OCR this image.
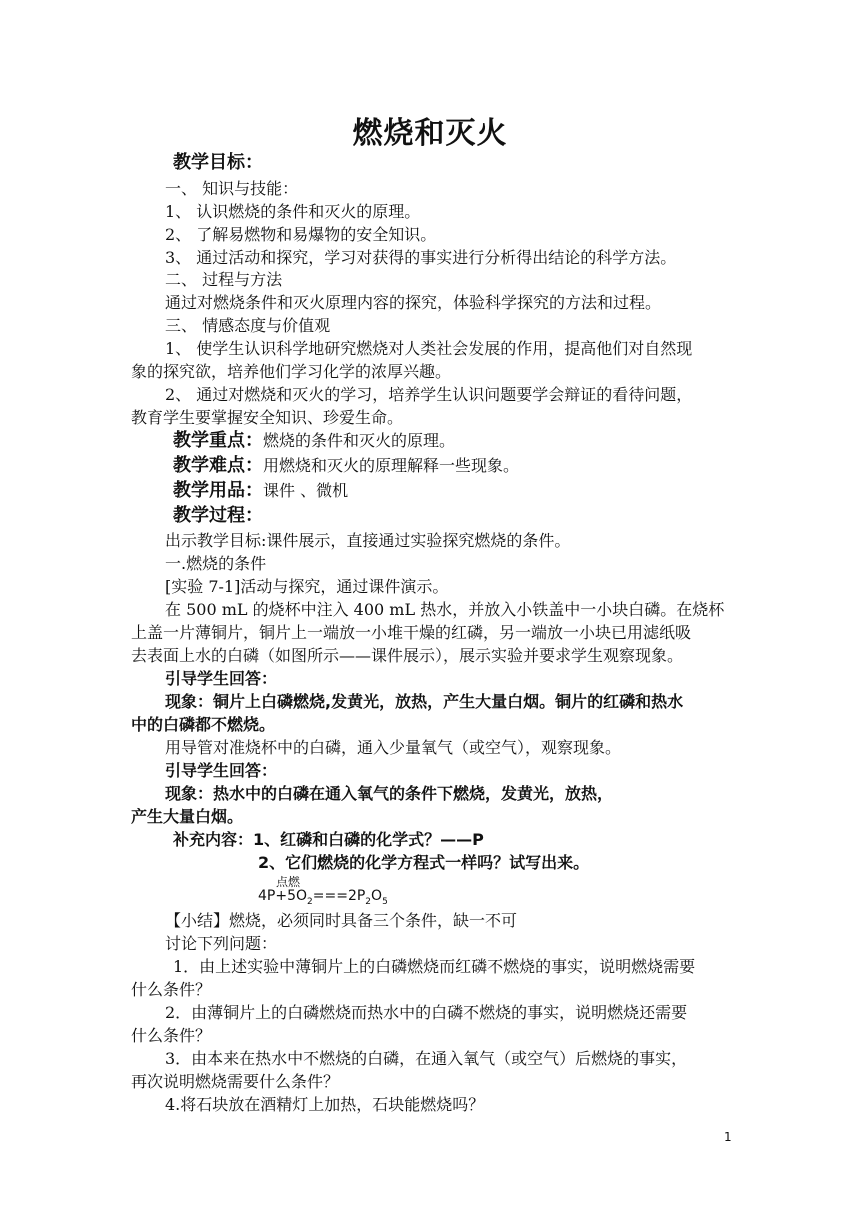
燃烧和灭火
教学目标：
一、 知识与技能：
1、 认识燃烧的条件和灭火的原理。
2、 了解易燃物和易爆物的安全知识。
3、 通过活动和探究，学习对获得的事实进行分析得出结论的科学方法。
二、 过程与方法
通过对燃烧条件和灭火原理内容的探究，体验科学探究的方法和过程。
三、 情感态度与价值观
1、 使学生认识科学地研究燃烧对人类社会发展的作用，提高他们对自然现
象的探究欲，培养他们学习化学的浓厚兴趣。
2、 通过对燃烧和灭火的学习，培养学生认识问题要学会辩证的看待问题，
教育学生要掌握安全知识、珍爱生命。
教学重点：燃烧的条件和灭火的原理。
教学难点：用燃烧和灭火的原理解释一些现象。
教学用品：课件 、微机
教学过程：
出示教学目标:课件展示，直接通过实验探究燃烧的条件。
一.燃烧的条件
[实验 7-1]活动与探究，通过课件演示。
在 500 mL 的烧杯中注入 400 mL 热水，并放入小铁盖中一小块白磷。在烧杯
上盖一片薄铜片，铜片上一端放一小堆干燥的红磷，另一端放一小块已用滤纸吸
去表面上水的白磷（如图所示——课件展示），展示实验并要求学生观察现象。
引导学生回答：
现象：铜片上白磷燃烧,发黄光，放热，产生大量白烟。铜片的红磷和热水
中的白磷都不燃烧。
用导管对准烧杯中的白磷，通入少量氧气（或空气），观察现象。
引导学生回答：
现象：热水中的白磷在通入氧气的条件下燃烧，发黄光，放热，
产生大量白烟。
补充内容：1、红磷和白磷的化学式？——P
2、它们燃烧的化学方程式一样吗？试写出来。
点燃
$4P+5O_2===2P_2O_5$
【小结】燃烧，必须同时具备三个条件，缺一不可
讨论下列问题：
1．由上述实验中薄铜片上的白磷燃烧而红磷不燃烧的事实，说明燃烧需要
什么条件？
2．由薄铜片上的白磷燃烧而热水中的白磷不燃烧的事实，说明燃烧还需要
什么条件？
3．由本来在热水中不燃烧的白磷，在通入氧气（或空气）后燃烧的事实，
再次说明燃烧需要什么条件？
4.将石块放在酒精灯上加热，石块能燃烧吗？
1
